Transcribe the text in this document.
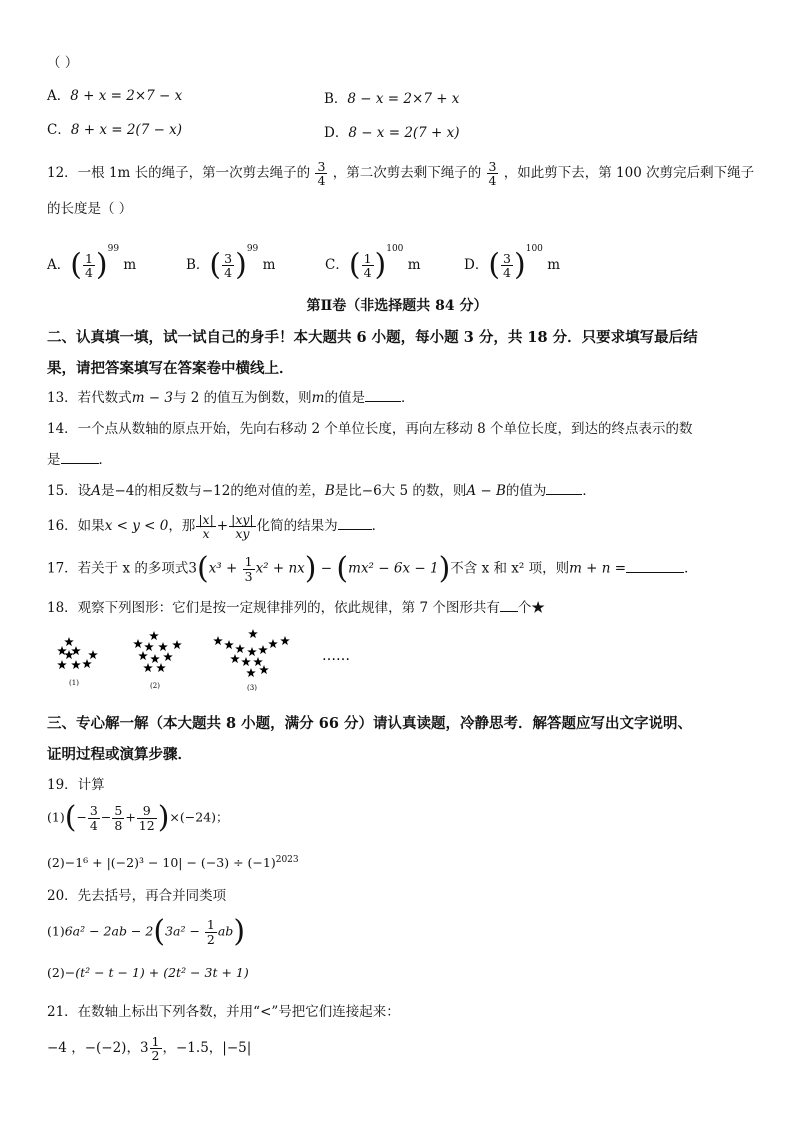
（ ）
A．8 + x = 2×7 − x	B．8 − x = 2×7 + x
C．8 + x = 2(7 − x)	D．8 − x = 2(7 + x)
12．一根 1m 长的绳子，第一次剪去绳子的 $\frac{3}{4}$ ，第二次剪去剩下绳子的 $\frac{3}{4}$ ，如此剪下去，第 100 次剪完后剩下绳子
的长度是（ ）
A．( $\frac{1}{4} )^{99}$ m	B．( $\frac{3}{4} )^{99}$ m	C．( $\frac{1}{4} )^{100}$ m	D．( $\frac{3}{4} )^{100}$ m
第Ⅱ卷（非选择题共 84 分）
二、认真填一填，试一试自己的身手！本大题共 6 小题，每小题 3 分，共 18 分．只要求填写最后结
果，请把答案填写在答案卷中横线上．
13．若代数式m − 3与 2 的值互为倒数，则m的值是	．
14．一个点从数轴的原点开始，先向右移动 2 个单位长度，再向左移动 8 个单位长度，到达的终点表示的数
是	．
15．设A是−4的相反数与−12的绝对值的差，B是比−6大 5 的数，则A − B的值为	．
16．如果x < y < 0，那 $\frac{|x|}{x} + \frac{|xy|}{xy}$ 化简的结果为	．
17．若关于 x 的多项式$3(x^3 + \frac{1}{3} x^2 + nx) - (mx^2 - 6x - 1)$不含 x 和 x² 项，则m + n =	．
18．观察下列图形：它们是按一定规律排列的，依此规律，第 7 个图形共有 个★
(1)	(2)	(3)
……
三、专心解一解（本大题共 8 小题，满分 66 分）请认真读题，冷静思考．解答题应写出文字说明、
证明过程或演算步骤．
19．计算
$(1)(- \frac{3}{4} - \frac{5}{8} + \frac{9}{12} )\times(-24)$；
$(2)-1^6 + |(-2)^3 - 10| - (-3) \div (-1)^{2023}$
20．先去括号，再合并同类项
$(1)6a^2 - 2ab - 2(3a^2 - \frac{1}{2} ab)$
(2)−(t² − t − 1) + (2t² − 3t + 1)
21．在数轴上标出下列各数，并用“<”号把它们连接起来：
−4 ，−(−2)，$3 \frac{1}{2}$ ，−1.5，|−5|
